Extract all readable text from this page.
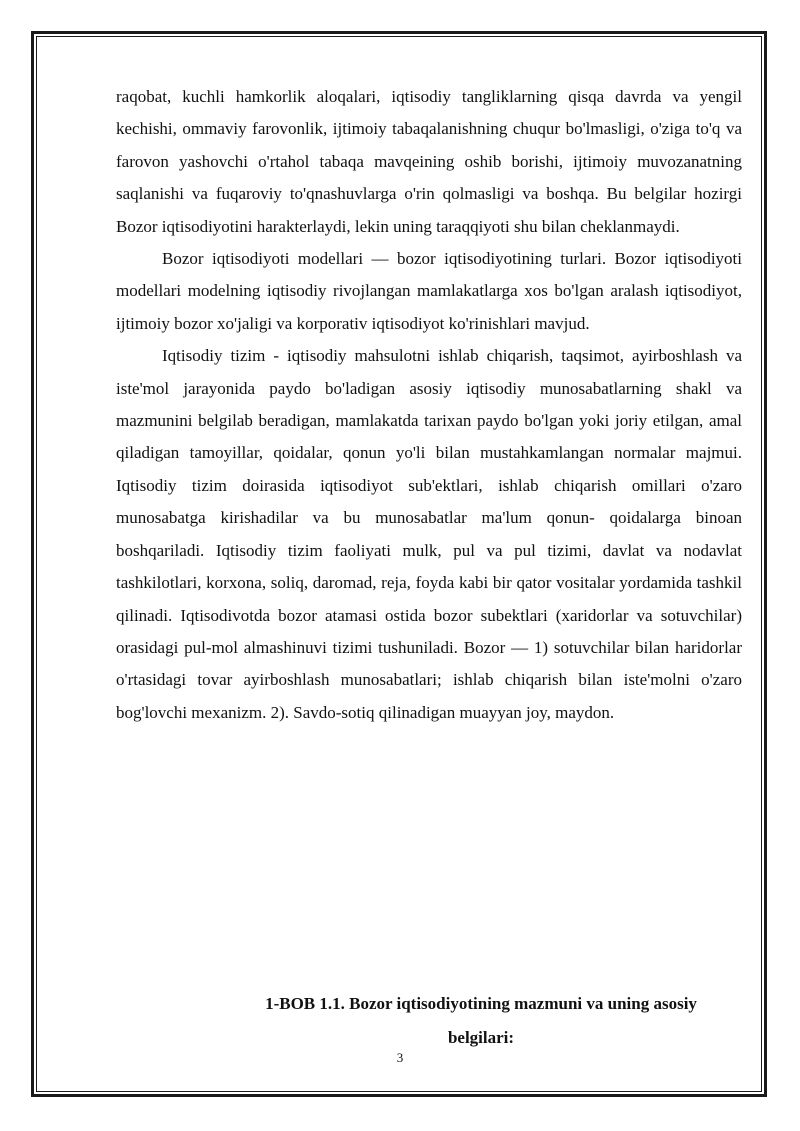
raqobat, kuchli hamkorlik aloqalari, iqtisodiy tangliklarning qisqa davrda va yengil kechishi, ommaviy farovonlik, ijtimoiy tabaqalanishning chuqur bo'lmasligi, o'ziga to'q va farovon yashovchi o'rtahol tabaqa mavqeining oshib borishi, ijtimoiy muvozanatning saqlanishi va fuqaroviy to'qnashuvlarga o'rin qolmasligi va boshqa. Bu belgilar hozirgi Bozor iqtisodiyotini harakterlaydi, lekin uning taraqqiyoti shu bilan cheklanmaydi.

Bozor iqtisodiyoti modellari — bozor iqtisodiyotining turlari. Bozor iqtisodiyoti modellari modelning iqtisodiy rivojlangan mamlakatlarga xos bo'lgan aralash iqtisodiyot, ijtimoiy bozor xo'jaligi va korporativ iqtisodiyot ko'rinishlari mavjud.

Iqtisodiy tizim - iqtisodiy mahsulotni ishlab chiqarish, taqsimot, ayirboshlash va iste'mol jarayonida paydo bo'ladigan asosiy iqtisodiy munosabatlarning shakl va mazmunini belgilab beradigan, mamlakatda tarixan paydo bo'lgan yoki joriy etilgan, amal qiladigan tamoyillar, qoidalar, qonun yo'li bilan mustahkamlangan normalar majmui. Iqtisodiy tizim doirasida iqtisodiyot sub'ektlari, ishlab chiqarish omillari o'zaro munosabatga kirishadilar va bu munosabatlar ma'lum qonun- qoidalarga binoan boshqariladi. Iqtisodiy tizim faoliyati mulk, pul va pul tizimi, davlat va nodavlat tashkilotlari, korxona, soliq, daromad, reja, foyda kabi bir qator vositalar yordamida tashkil qilinadi. Iqtisodivotda bozor atamasi ostida bozor subektlari (xaridorlar va sotuvchilar) orasidagi pul-mol almashinuvi tizimi tushuniladi. Bozor — 1) sotuvchilar bilan haridorlar o'rtasidagi tovar ayirboshlash munosabatlari; ishlab chiqarish bilan iste'molni o'zaro bog'lovchi mexanizm. 2). Savdo-sotiq qilinadigan muayyan joy, maydon.

1-BOB 1.1. Bozor iqtisodiyotining mazmuni va uning asosiy belgilari:
3
